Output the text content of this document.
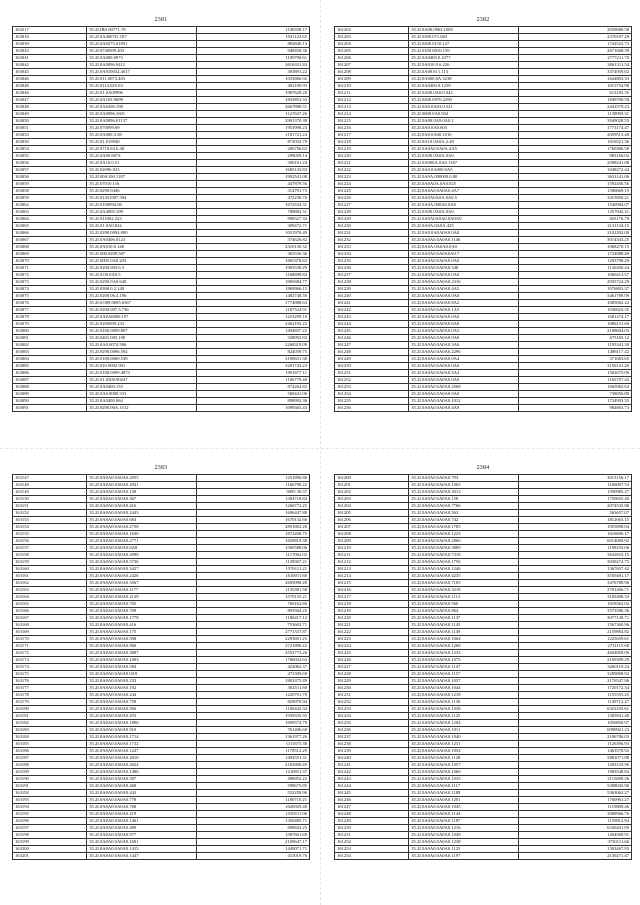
2381
163217	35.2I.IBS.00771.78	1140338.17
163016	35.2I.0A4007I1.187	1941123.65
163039	35.2I.0A0275.01891	882840.13
163043	35.2I.0740009.403	948458.36
163041	35.2I.0A000.0973	1190790.61
163042	35.2I.0A0096.9412	2616331.84
163045	35.2I.0A010032.4017	303891.22
163046	35.2I.011.0073.403	1033866.92
163048	35.2I.0114.025.63	402109.93
163046	35.2I.01.0A00996	1987628.28
163047	35.2I.0A103.9698	1833852.33
163048	35.2I.0A6206.198	2667888.51
163049	35.2I.0A0096.1601	1127637.26
163050	35.2I.0A0096.01137	2991370.38
163051	35.2I.070099.69	1953998.23
163053	35.2I.0A000.3.58	1181721.24
163050	35.2I.01.019940	872032.79
163054	35.2I.0710.63.6.48	206756.63
163055	35.2I.0A00.6074	299059.14
163056	35.2I.0A10.0.51	396101.24
163057	35.2I.02096.023	1685133.83
163056	35.2I.00A100.1187	1992541.08
163059	35.2I.07010.116	447879.56
163058	35.2I.0290.0446	314791.73
163059	35.2I.01451007.394	472236.76
163062	35.2I.0100994.06	1672534.31
163063	35.2I.0A4000.108	788882.31
163064	35.2I.011002.223	998327.34
163065	35.2I.01.0A0.822	309472.71
163066	35.2I.0290.0094.090	1031970.49
163067	35.2I.0A0406.0124	374626.82
163068	35.2I.0A010.0.148	2310130.32
163069	35.2I.000.0209.507	363536.36
163070	35.2I.0005.0A0.203	1865378.63
163071	35.2I.0200.003.6.3	1983538.29
163072	35.2I.0.00.0A0.5	1168699.84
163073	35.2I.0290.0A0.640	1969484.77
163074	35.2I.0390.0.2.140	1869966.15
163075	35.2I.0200.06.4.196	1482748.50
163076	35.2I.0.009.0695.6367	1774888.63
163077	35.2I.0200.007.5.736	1187524.91
163078	35.2I.0A0A0000.197	1253299.10
163079	35.2I.0200009.233	2462192.22
163080	35.2I.0100.0099.807	1494837.22
163081	35.2I.0401.005.108	338992.82
163082	35.2I.0A0.0074.586	2268319.09
163083	35.2I.0290.0096.592	824039.75
163084	35.2I.0100.0069.538	3190631.38
163085	35.2I.010.0092.901	3281743.23
163086	35.2I.0100.0099.4873	1901677.11
163087	35.2I.01.0200.90247	1106779.48
163088	35.2I.0A0400.153	874264.82
163089	35.2I.0A0.0000.533	568441.06
163090	35.2I.0A0400.064	898992.36
163091	35.2I.0290.00A.1512	1098365.43
2382
161202	35.2I.0A00.0964.1005	2039080.58
161203	35.2I.0390.071.603	2370107.28
161204	35.2I.0200.0110.127	1742522.73
161205	35.2I.0100.0010.139	2671668.39
161206	35.2I.0A0400.0.4377	2777211.70
161207	35.2I.0A010.0.6.226	3061311.54
161208	35.2I.0A0010.1.113	3374959.02
161209	35.2I.0A000.0A.3238	1644803.33
161210	35.2I.0A0400.0.1259	1015754.98
161211	35.2I.0A00.0A0.0.042	613183.35
161212	35.2I.0200.0976.2290	1849700.58
161213	35.2I.0A0.0A03.0.521	2442579.23
161214	35.2I.0000.0A0.934	1138993.31
161215	35.2I.0A00.0A9.0A0.1	3949028.55
161216	35.2I.0A0.0A0.603	1773174.47
161217	35.2I.0A0.0A00.1016	2059513.40
161218	35.2I.0A10.0A0A.2.48	1016521.36
161219	35.2I.0A0A0.0A0A.4A5	1760306.58
161220	35.2I.0A00.0A0A.0A0	983166.02
161221	35.2I.0A000A.0A0.1367	2598241.08
161222	35.2I.0A0.0A000.0A5	1048272.44
161223	35.2I.0A0A.000000.0.00	3631141.06
161224	35.2I.0A0A0A.0A0.025	1592456.56
161225	35.2I.0A0A0.0A0A0.4A7	1586669.19
161226	35.2I.0A0A0A0A.0A0.5	3415850.21
161227	35.2I.0A0A.000A0.0A0	1540984.07
161228	35.2I.0A00.0A0A.0A0	1357942.21
161229	35.2I.0A0A0A0A0.0A0A0	825176.79
161230	35.2I.0A0A.0A0A.425	2131134.15
161231	35.2I.0A0.0A0A0A0.0A0	2102292.00
161232	35.2I.0A0A0.0A0A0.1146	3014343.25
161233	35.2I.0A0A.0A0A0.0A0	1068270.15
161234	35.2I.0A0A0.0A0A0A0.7	1724888.49
161235	35.2I.0A0A0.0A0A0.0A0	1293798.20
161236	35.2I.0A0A0.0A0A0.548	1136200.44
161237	35.2I.0A0A0.0A0A0.0A0	1060413.57
161238	35.2I.0A0A0.0A0A0.2316	2935724.29
161239	35.2I.0A0A0.0A0A0.4A5	1076803.37
161240	35.2I.0A0A0.0A0A0.0A0	3461789.09
161241	35.2I.0A0A0.0A0A0.8A2	1085062.22
161242	35.2I.0A0A0.0A0A0.1A5	1036823.35
161243	35.2I.0A0A0.0A0A0.0A0	1681274.17
161244	35.2I.0A0A0.0A0A0.6A8	1086131.60
161245	35.2I.0A0A0.0A0A0.0A5	2188604.03
161246	35.2I.0A0A0.0A0A0.0A0	675165.12
161247	35.2I.0A0A0.0A0A0.3A6	1195341.30
161248	35.2I.0A0A0.0A0A0.2296	1486117.42
161249	35.2I.0A0A0.0A0A0.0A4	371683.65
161250	35.2I.0A0A0.0A0A0.0A0	3156141.20
161251	35.2I.0A0A0.0A0A0.5A4	1562675.00
161252	35.2I.0A0A0.0A0A0.0A0	1165757.42
161253	35.2I.0A0A0.0A0A0.2568	1665982.64
161254	35.2I.0A0A0.0A0A0.0A0	738056.89
161255	35.2I.0A0A0.0A0A0.1012	1734993.55
161256	35.2I.0A0A0.0A0A0.4A9	984863.73
2383
163147	35.2I.0A0A0.0A0A0.2055	1251896.86
163148	35.2I.0A0A0.0A0A0.2941	1166798.22
163149	35.2I.0A0A0.0A0A0.138	3095 30.37
163150	35.2I.0A0A0.0A0A0.367	1304718.84
163151	35.2I.0A0A0.0A0A0.416	1266772.25
163152	35.2I.0A0A0.0A0A0.2443	1696447.88
163153	35.2I.0A0A0.0A0A0.684	1670132.66
163154	35.2I.0A0A0.0A0A0.2758	2891802.28
163155	35.2I.0A0A0.0A0A0.1630	1872268.75
163156	35.2I.0A0A0.0A0A0.2771	1829819.38
163157	35.2I.0A0A0.0A0A0.6A8	1569588.06
163158	35.2I.0A0A0.0A0A0.2999	1117062.02
163159	35.2I.0A0A0.0A0A0.5736	1138367.21
163160	35.2I.0A0A0.0A0A0.3427	1576111.21
163161	35.2I.0A0A0.0A0A0.2426	1610011.60
163162	35.2I.0A0A0.0A0A0.3567	2695098.28
163163	35.2I.0A0A0.0A0A0.1177	1135381.58
163164	35.2I.0A0A0.0A0A0.2129	1570135.21
163165	35.2I.0A0A0.0A0A0.705	766162.80
163166	35.2I.0A0A0.0A0A0.709	893564.25
163167	35.2I.0A0A0.0A0A0.1778	1186417.12
163168	35.2I.0A0A0.0A0A0.416	753602.71
163169	35.2I.0A0A0.0A0A0.175	2771337.87
163170	35.2I.0A0A0.0A0A0.598	2293691.25
163171	35.2I.0A0A0.0A0A0.960	2721896.22
163172	35.2I.0A0A0.0A0A0.3887	2552773.26
163173	35.2I.0A0A0.0A0A0.1003	1766022.63
163174	35.2I.0A0A0.0A0A0.584	422062.37
163175	35.2I.0A0A0.0A0A0.0A9	472309.69
163176	35.2I.0A0A0.0A0A0.233	1803375.49
163177	35.2I.0A0A0.0A0A0.192	302511.60
163178	35.2I.0A0A0.0A0A0.244	1220791.79
163179	35.2I.0A0A0.0A0A0.758	829076.94
163180	35.2I.0A0A0.0A0A0.956	1186442.34
163181	35.2I.0A0A0.0A0A0.453	1939335.35
163182	35.2I.0A0A0.0A0A0.1896	1699574.79
163183	35.2I.0A0A0.0A0A0.910	761406.60
163184	35.2I.0A0A0.0A0A0.1714	1361977.26
163185	35.2I.0A0A0.0A0A0.1732	1111675.38
163186	35.2I.0A0A0.0A0A0.1247	1178512.29
163187	35.2I.0A0A0.0A0A0.2010	1494551.31
163188	35.2I.0A0A0.0A0A0.2624	2182800.49
163189	35.2I.0A0A0.0A0A0.1486	1216911.37
163190	35.2I.0A0A0.0A0A0.507	496952.22
163191	35.2I.0A0A0.0A0A0.468	598675.85
163192	35.2I.0A0A0.0A0A0.443	532258.96
163193	35.2I.0A0A0.0A0A0.778	1180710.21
163194	35.2I.0A0A0.0A0A0.768	1626929.48
163195	35.2I.0A0A0.0A0A0.219	1539111.96
163196	35.2I.0A0A0.0A0A0.1461	1350485.71
163197	35.2I.0A0A0.0A0A0.489	698843.25
163198	35.2I.0A0A0.0A0A0.977	1587661.69
163199	35.2I.0A0A0.0A0A0.1601	2109647.17
163200	35.2I.0A0A0.0A0A0.1415	1449071.71
163201	35.2I.0A0A0.0A0A0.1447	415019.76
2384
161200	35.2I.0A0A0.0A0A0.793	3013156.17
161201	35.2I.0A0A0.0A0A0.1063	1106007.53
161202	35.2I.0A0A0.0A0A0.3013	1590985.27
161203	35.2I.0A0A0.0A0A0.158	1750655.40
161204	35.2I.0A0A0.0A0A0.7766	2074535.88
161205	35.2I.0A0A0.0A0A0.563	563657.07
161206	35.2I.0A0A0.0A0A0.742	1812663.15
161207	35.2I.0A0A0.0A0A0.1785	1955898.04
161208	35.2I.0A0A0.0A0A0.1223	1616696.17
161209	35.2I.0A0A0.0A0A0.2860	6014000.92
161210	35.2I.0A0A0.0A0A0.3889	1198193.06
161211	35.2I.0A0A0.0A0A0.7318	3642823.15
161212	35.2I.0A0A0.0A0A0.1756	3030274.75
161213	35.2I.0A0A0.0A0A0.1246	1367657.42
161214	35.2I.0A0A0.0A0A0.4235	3550481.17
161215	35.2I.0A0A0.0A0A0.7105	3476788.96
161216	35.2I.0A0A0.0A0A0.3218	2701266.71
161217	35.2I.0A0A0.0A0A0.1113	3183498.33
161218	35.2I.0A0A0.0A0A0.560	1018362.02
161219	35.2I.0A0A0.0A0A0.864	3573586.36
161220	35.2I.0A0A0.0A0A0.1137	3077138.71
161221	35.2I.0A0A0.0A0A0.1145	1567360.96
161222	35.2I.0A0A0.0A0A0.1149	2159884.82
161223	35.2I.0A0A0.0A0A0.1064	1225659.61
161224	35.2I.0A0A0.0A0A0.1268	2731115.68
161225	35.2I.0A0A0.0A0A0.1233	4604858.06
161226	35.2I.0A0A0.0A0A0.1075	2169399.29
161227	35.2I.0A0A0.0A0A0.1147	3260119.24
161228	35.2I.0A0A0.0A0A0.1157	3289808.92
161229	35.2I.0A0A0.0A0A0.1037	2176547.96
161230	35.2I.0A0A0.0A0A0.1044	1720172.34
161231	35.2I.0A0A0.0A0A0.1218	1155555.25
161232	35.2I.0A0A0.0A0A0.1130	1149712.27
161233	35.2I.0A0A0.0A0A0.1038	6323105.61
161234	35.2I.0A0A0.0A0A0.1125	1305941.48
161235	35.2I.0A0A0.0A0A0.1204	1056856.97
161236	35.2I.0A0A0.0A0A0.1011	6990921.23
161237	35.2I.0A0A0.0A0A0.1040	2186786.03
161238	35.2I.0A0A0.0A0A0.1231	1126396.93
161239	35.2I.0A0A0.0A0A0.1054	1463578.92
161240	35.2I.0A0A0.0A0A0.1128	5881071.88
161241	35.2I.0A0A0.0A0A0.1057	1203133.96
161242	35.2I.0A0A0.0A0A0.1066	1983548.84
161243	35.2I.0A0A0.0A0A0.1035	2115699.26
161244	35.2I.0A0A0.0A0A0.1117	5308043.90
161245	35.2I.0A0A0.0A0A0.1189	5363062.27
161246	35.2I.0A0A0.0A0A0.1201	1760961.27
161247	35.2I.0A0A0.0A0A0.1045	1119809.46
161248	35.2I.0A0A0.0A0A0.1144	3008966.76
161249	35.2I.0A0A0.0A0A0.1187	1159812.84
161250	35.2I.0A0A0.0A0A0.1216	6326441.09
161251	35.2I.0A0A0.0A0A0.1049	1204569.91
161252	35.2I.0A0A0.0A0A0.1238	3730111.66
161253	35.2I.0A0A0.0A0A0.1125	1503467.95
161254	35.2I.0A0A0.0A0A0.1197	2130271.47
